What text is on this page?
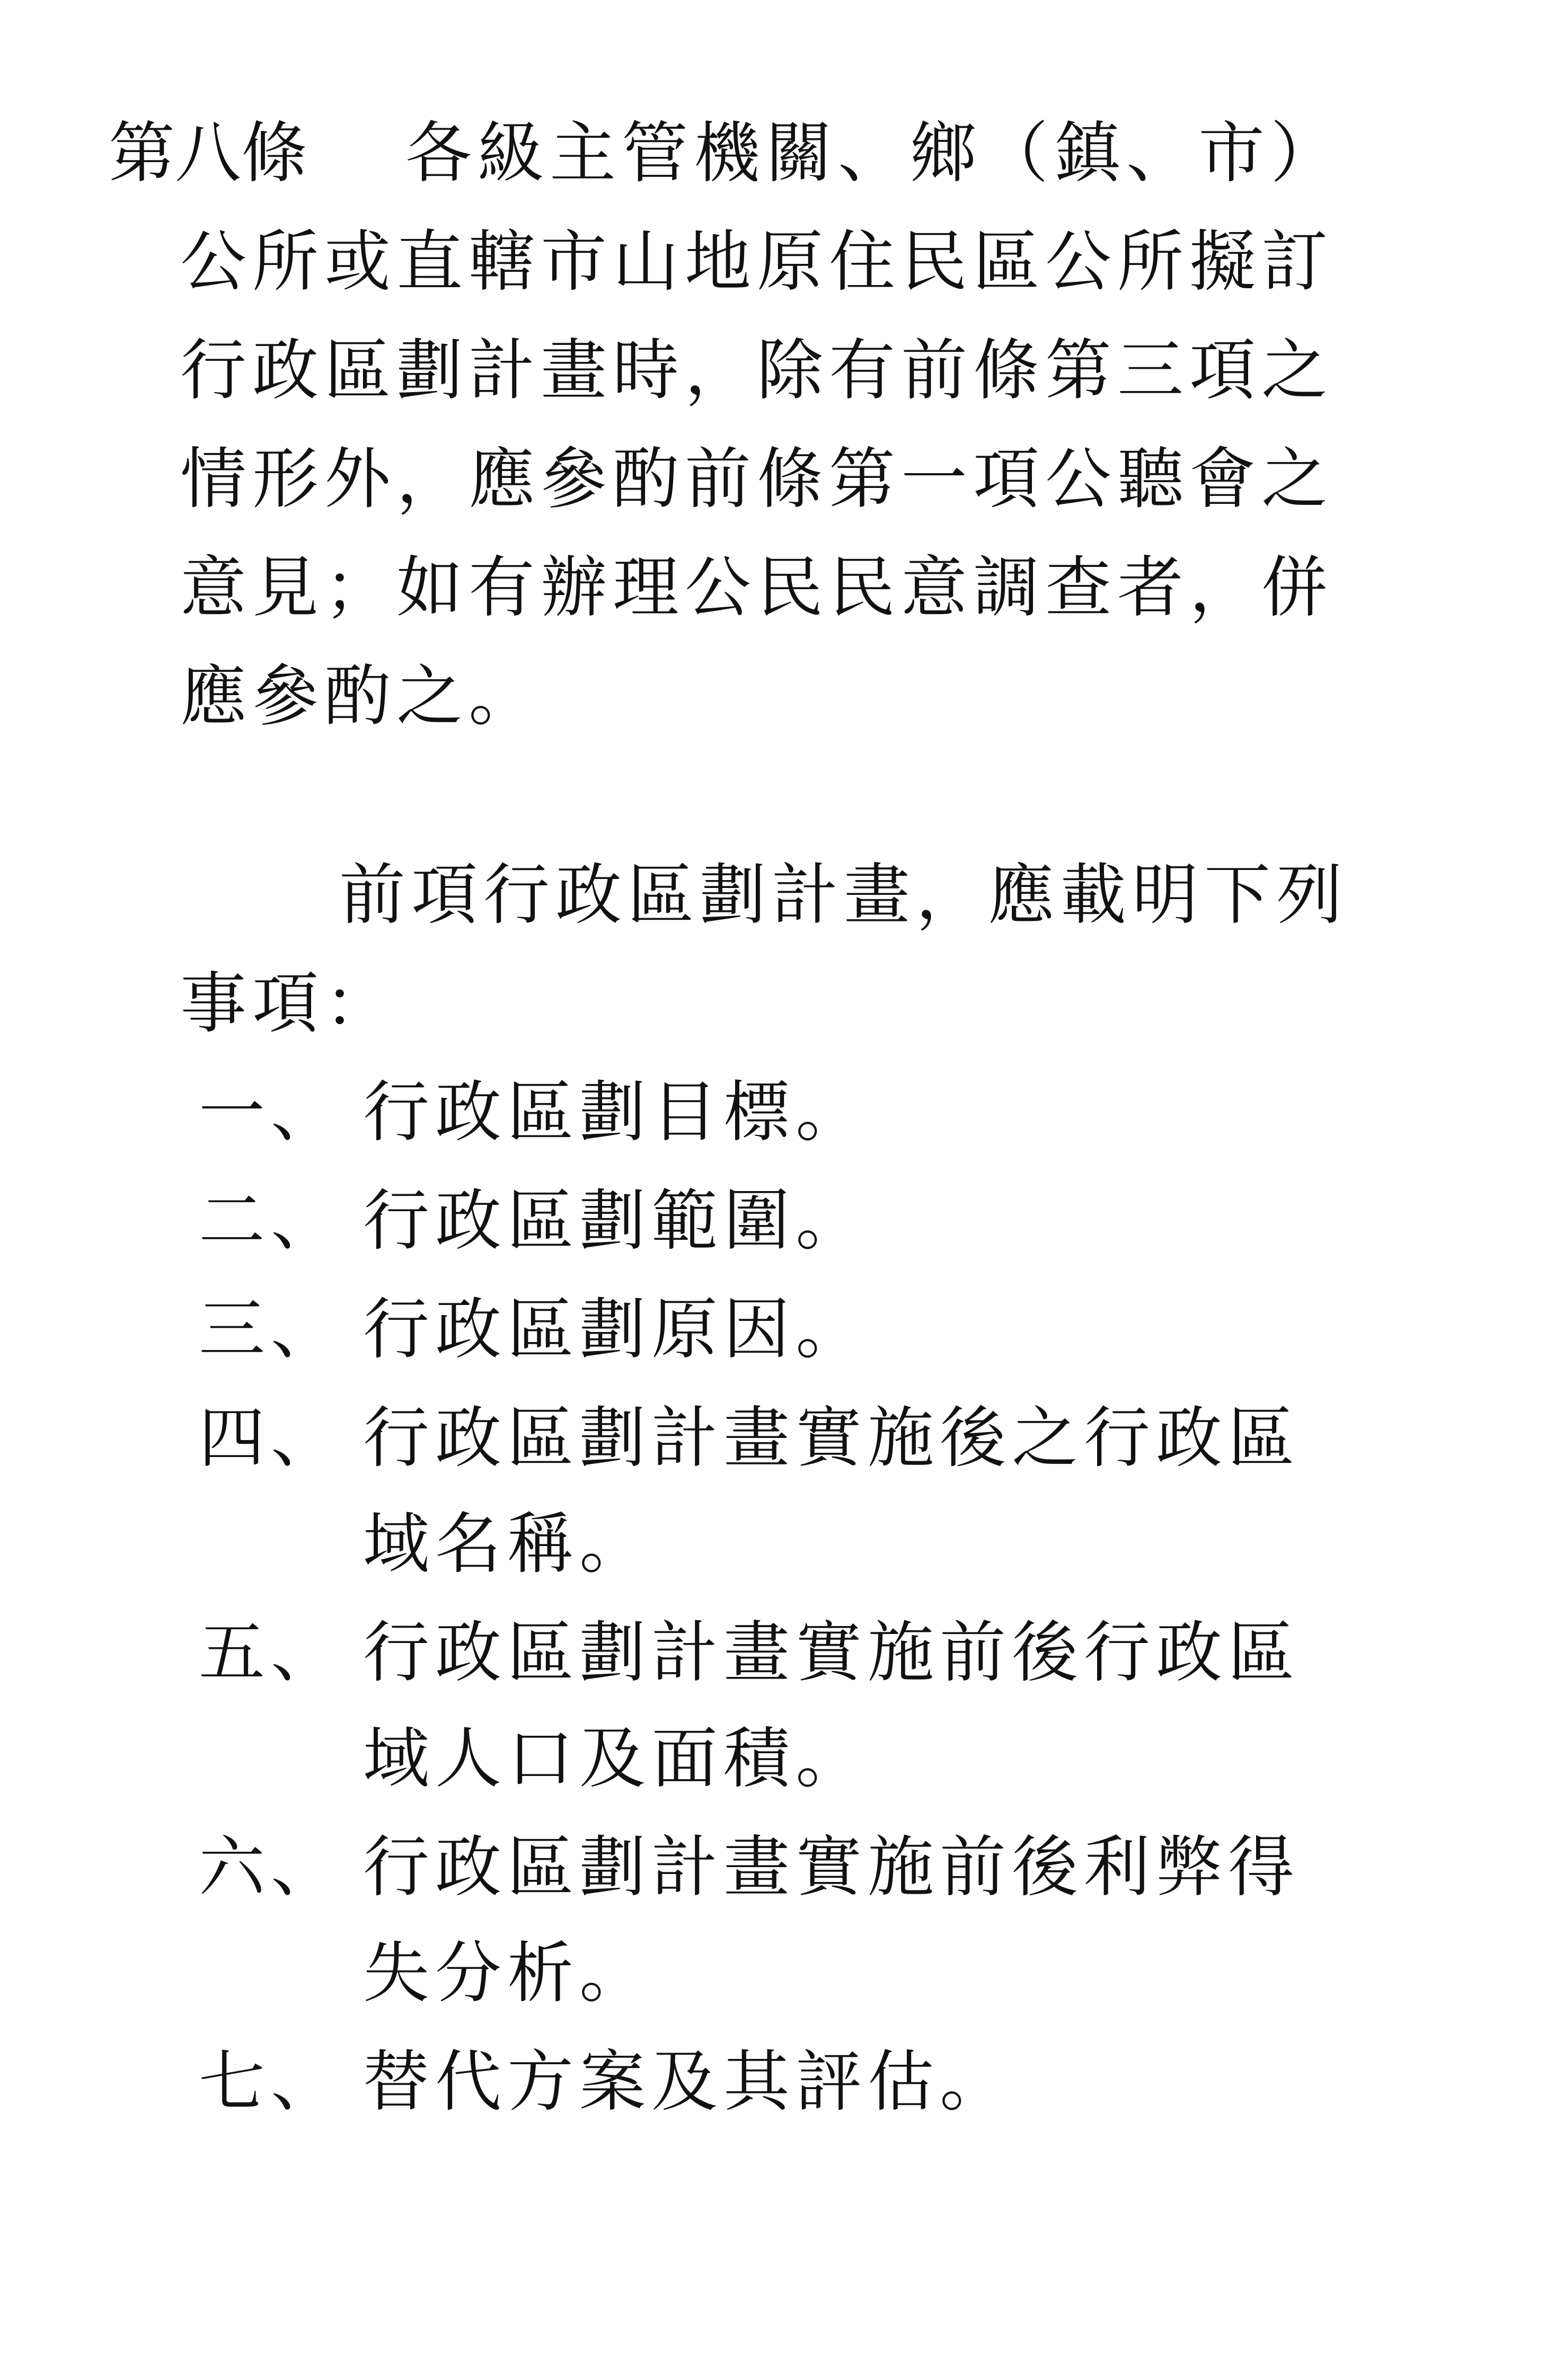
第八條 各級主管機關、鄉（鎮、市）
公所或直轄市山地原住民區公所擬訂
行政區劃計畫時，除有前條第三項之
情形外，應參酌前條第一項公聽會之
意見；如有辦理公民民意調查者，併
應參酌之。
前項行政區劃計畫，應載明下列
事項：
一、 行政區劃目標。
二、 行政區劃範圍。
三、 行政區劃原因。
四、 行政區劃計畫實施後之行政區
域名稱。
五、 行政區劃計畫實施前後行政區
域人口及面積。
六、 行政區劃計畫實施前後利弊得
失分析。
七、 替代方案及其評估。
